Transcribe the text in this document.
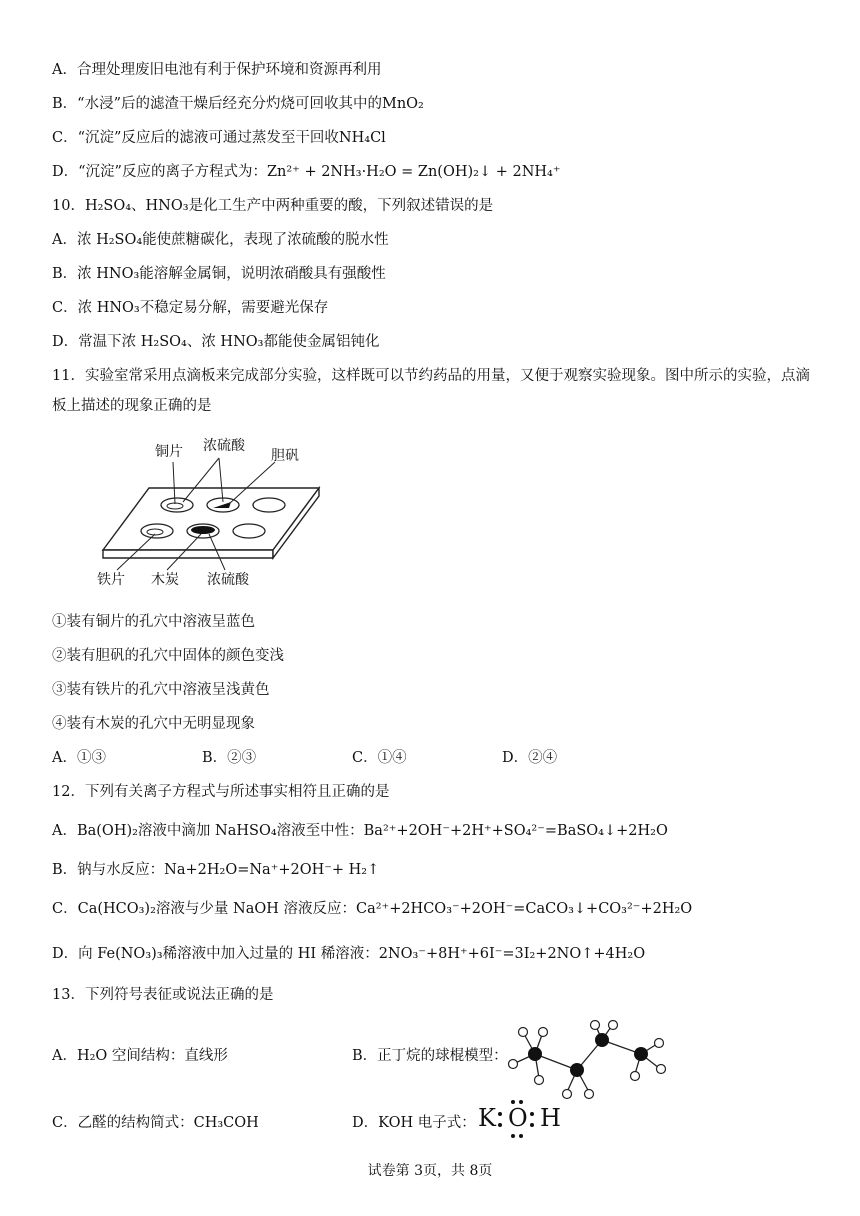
A．合理处理废旧电池有利于保护环境和资源再利用
B．“水浸”后的滤渣干燥后经充分灼烧可回收其中的MnO₂
C．“沉淀”反应后的滤液可通过蒸发至干回收NH₄Cl
D．“沉淀”反应的离子方程式为：Zn²⁺ + 2NH₃·H₂O = Zn(OH)₂↓ + 2NH₄⁺
10．H₂SO₄、HNO₃是化工生产中两种重要的酸，下列叙述错误的是
A．浓 H₂SO₄能使蔗糖碳化，表现了浓硫酸的脱水性
B．浓 HNO₃能溶解金属铜，说明浓硝酸具有强酸性
C．浓 HNO₃不稳定易分解，需要避光保存
D．常温下浓 H₂SO₄、浓 HNO₃都能使金属铝钝化
11．实验室常采用点滴板来完成部分实验，这样既可以节约药品的用量，又便于观察实验现象。图中所示的实验，点滴板上描述的现象正确的是
铜片 浓硫酸
胆矾
铁片 木炭 浓硫酸
①装有铜片的孔穴中溶液呈蓝色
②装有胆矾的孔穴中固体的颜色变浅
③装有铁片的孔穴中溶液呈浅黄色
④装有木炭的孔穴中无明显现象
A．①③	B．②③	C．①④	D．②④
12．下列有关离子方程式与所述事实相符且正确的是
A．Ba(OH)₂溶液中滴加 NaHSO₄溶液至中性：Ba²⁺+2OH⁻+2H⁺+SO₄²⁻=BaSO₄↓+2H₂O
B．钠与水反应：Na+2H₂O=Na⁺+2OH⁻+ H₂↑
C．Ca(HCO₃)₂溶液与少量 NaOH 溶液反应：Ca²⁺+2HCO₃⁻+2OH⁻=CaCO₃↓+CO₃²⁻+2H₂O
D．向 Fe(NO₃)₃稀溶液中加入过量的 HI 稀溶液：2NO₃⁻+8H⁺+6I⁻=3I₂+2NO↑+4H₂O
13．下列符号表征或说法正确的是
A．H₂O 空间结构：直线形	B．正丁烷的球棍模型：
C．乙醛的结构简式：CH₃COH	D．KOH 电子式： K O H
试卷第 3页，共 8页
